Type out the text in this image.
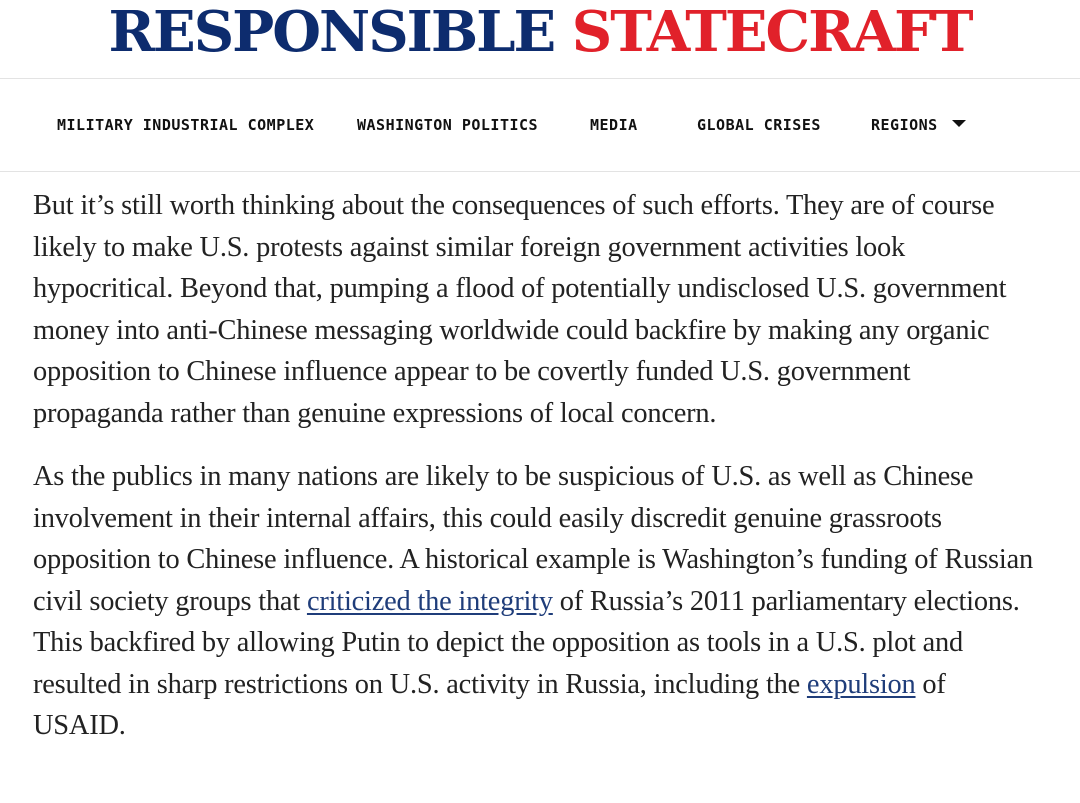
RESPONSIBLE STATECRAFT
MILITARY INDUSTRIAL COMPLEX	WASHINGTON POLITICS	MEDIA	GLOBAL CRISES	REGIONS

But it’s still worth thinking about the consequences of such efforts. They are of course likely to make U.S. protests against similar foreign government activities look hypocritical. Beyond that, pumping a flood of potentially undisclosed U.S. government money into anti-Chinese messaging worldwide could backfire by making any organic opposition to Chinese influence appear to be covertly funded U.S. government propaganda rather than genuine expressions of local concern.

As the publics in many nations are likely to be suspicious of U.S. as well as Chinese involvement in their internal affairs, this could easily discredit genuine grassroots opposition to Chinese influence. A historical example is Washington’s funding of Russian civil society groups that criticized the integrity of Russia’s 2011 parliamentary elections. This backfired by allowing Putin to depict the opposition as tools in a U.S. plot and resulted in sharp restrictions on U.S. activity in Russia, including the expulsion of USAID.
